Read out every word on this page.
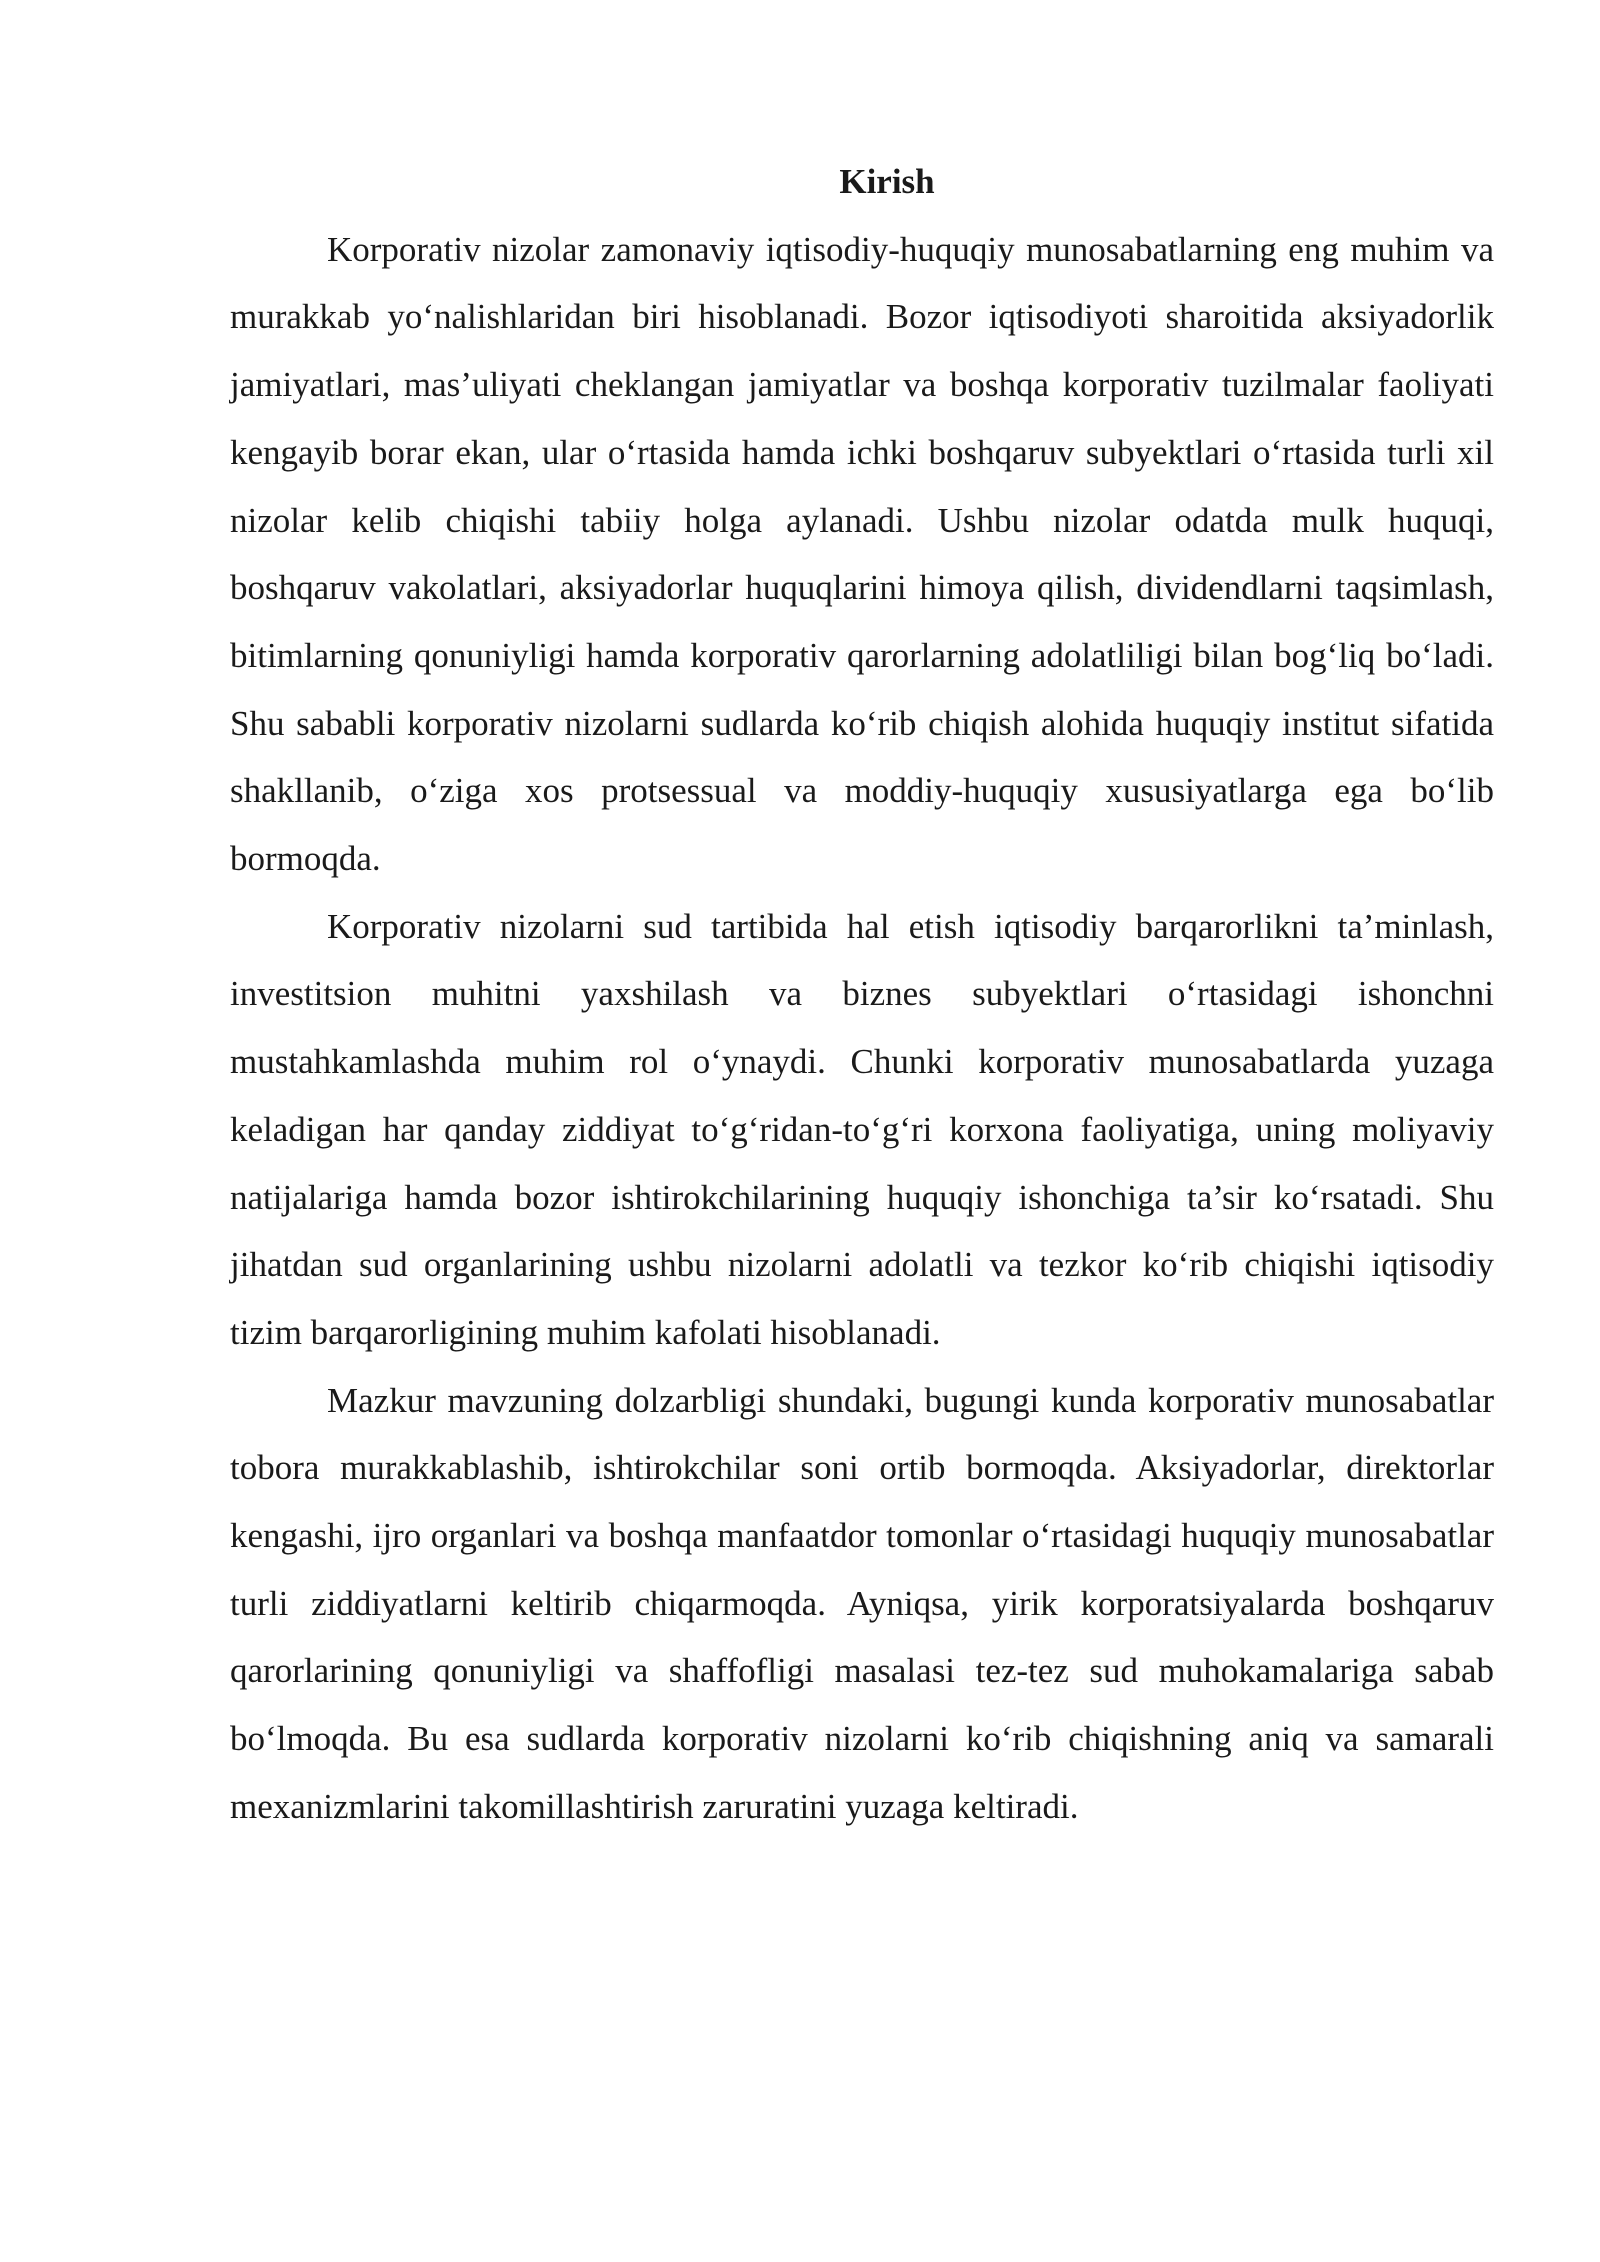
Kirish

Korporativ nizolar zamonaviy iqtisodiy-huquqiy munosabatlarning eng muhim va murakkab yo‘nalishlaridan biri hisoblanadi. Bozor iqtisodiyoti sharoitida aksiyadorlik jamiyatlari, mas’uliyati cheklangan jamiyatlar va boshqa korporativ tuzilmalar faoliyati kengayib borar ekan, ular o‘rtasida hamda ichki boshqaruv subyektlari o‘rtasida turli xil nizolar kelib chiqishi tabiiy holga aylanadi. Ushbu nizolar odatda mulk huquqi, boshqaruv vakolatlari, aksiyadorlar huquqlarini himoya qilish, dividendlarni taqsimlash, bitimlarning qonuniyligi hamda korporativ qarorlarning adolatliligi bilan bog‘liq bo‘ladi. Shu sababli korporativ nizolarni sudlarda ko‘rib chiqish alohida huquqiy institut sifatida shakllanib, o‘ziga xos protsessual va moddiy-huquqiy xususiyatlarga ega bo‘lib bormoqda.

Korporativ nizolarni sud tartibida hal etish iqtisodiy barqarorlikni ta’minlash, investitsion muhitni yaxshilash va biznes subyektlari o‘rtasidagi ishonchni mustahkamlashda muhim rol o‘ynaydi. Chunki korporativ munosabatlarda yuzaga keladigan har qanday ziddiyat to‘g‘ridan-to‘g‘ri korxona faoliyatiga, uning moliyaviy natijalariga hamda bozor ishtirokchilarining huquqiy ishonchiga ta’sir ko‘rsatadi. Shu jihatdan sud organlarining ushbu nizolarni adolatli va tezkor ko‘rib chiqishi iqtisodiy tizim barqarorligining muhim kafolati hisoblanadi.

Mazkur mavzuning dolzarbligi shundaki, bugungi kunda korporativ munosabatlar tobora murakkablashib, ishtirokchilar soni ortib bormoqda. Aksiyadorlar, direktorlar kengashi, ijro organlari va boshqa manfaatdor tomonlar o‘rtasidagi huquqiy munosabatlar turli ziddiyatlarni keltirib chiqarmoqda. Ayniqsa, yirik korporatsiyalarda boshqaruv qarorlarining qonuniyligi va shaffofligi masalasi tez-tez sud muhokamalariga sabab bo‘lmoqda. Bu esa sudlarda korporativ nizolarni ko‘rib chiqishning aniq va samarali mexanizmlarini takomillashtirish zaruratini yuzaga keltiradi.
